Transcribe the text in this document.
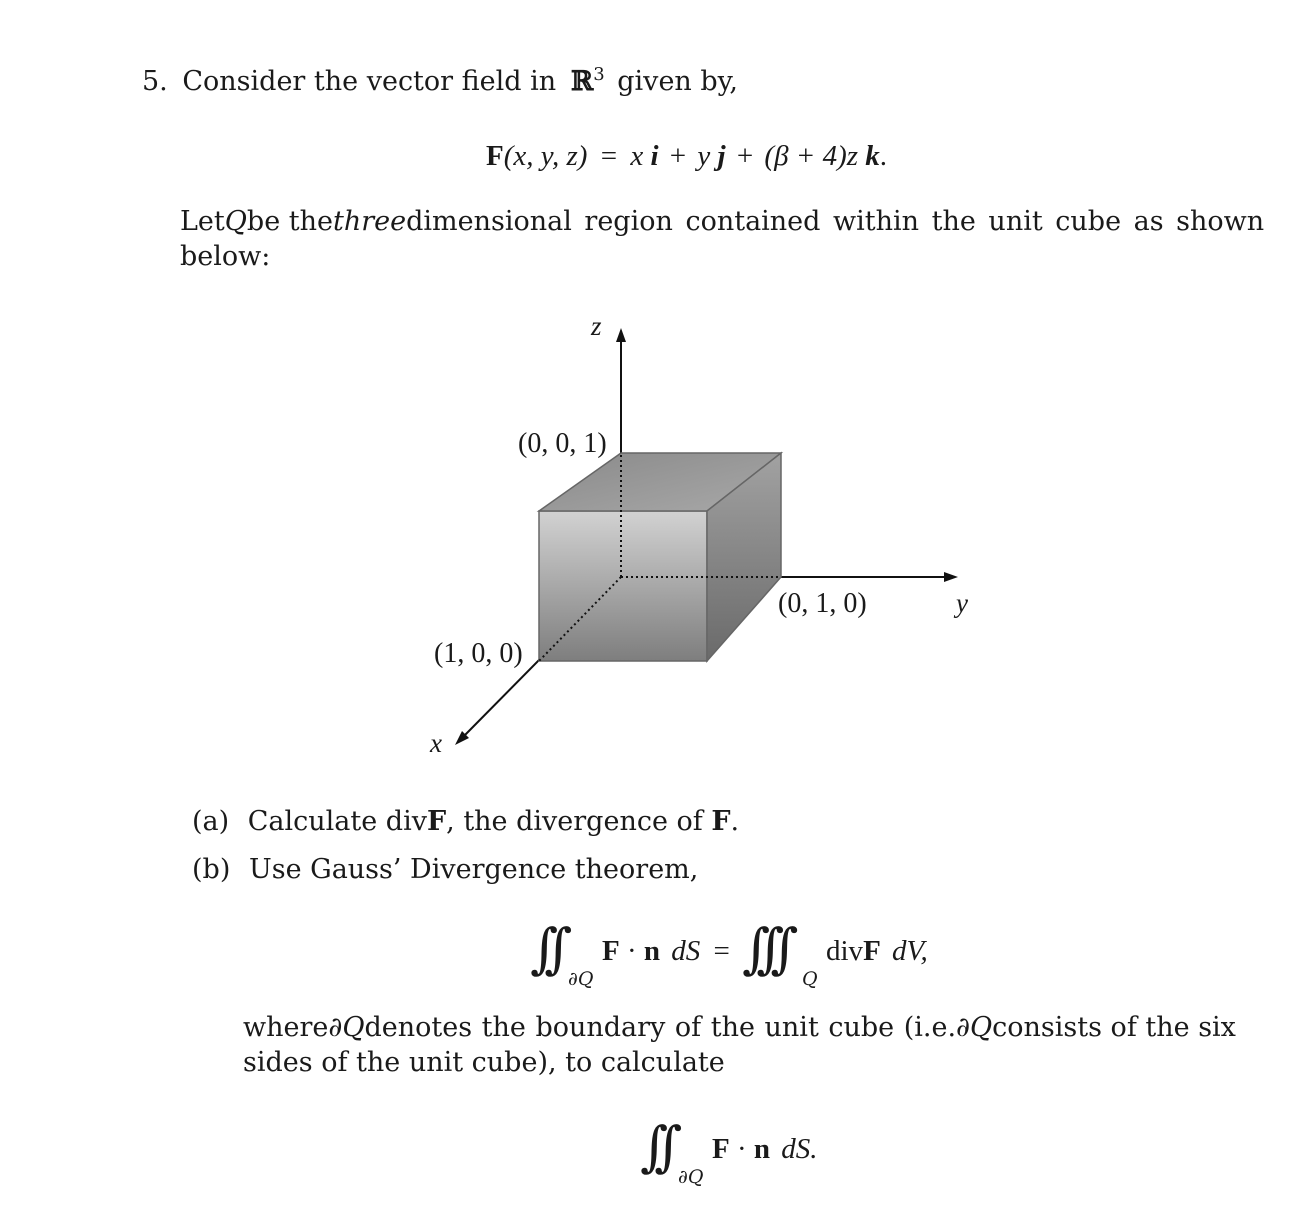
5. Consider the vector field in ℝ$^3$ given by,
F(x, y, z) = x i + y j + (β + 4)z k.
Let Q be the three dimensional region contained within the unit cube as shown
below:
z
y
x
(0, 0, 1)
(0, 1, 0)
(1, 0, 0)
(a) Calculate divF, the divergence of F.
(b) Use Gauss’ Divergence theorem,
∫∫ ∂Q
F · n dS = ∫∫∫ Q
divF dV,
where ∂Q denotes the boundary of the unit cube (i.e. ∂Q consists of the six
sides of the unit cube), to calculate
∫∫ ∂Q
F · n dS.
